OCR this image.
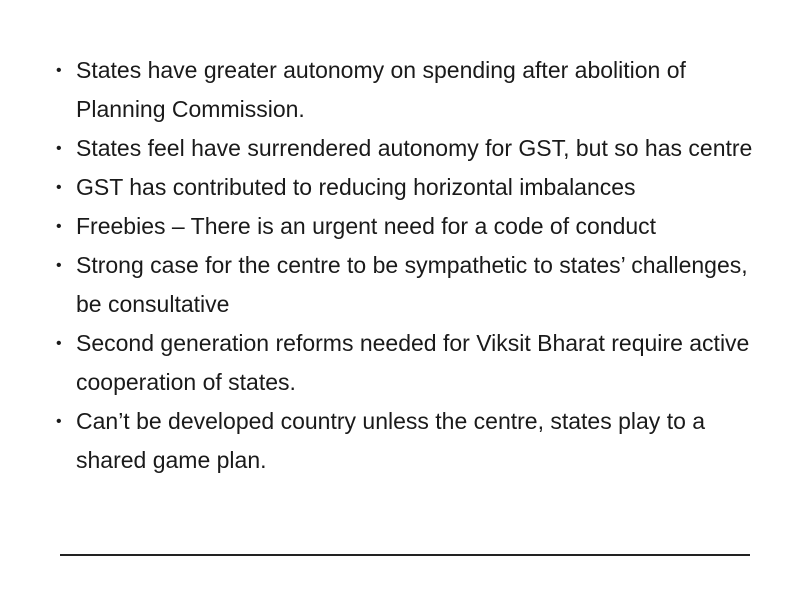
• States have greater autonomy on spending after abolition of Planning Commission.
• States feel have surrendered autonomy for GST, but so has centre
• GST has contributed to reducing horizontal imbalances
• Freebies – There is an urgent need for a code of conduct
• Strong case for the centre to be sympathetic to states’ challenges, be consultative
• Second generation reforms needed for Viksit Bharat require active cooperation of states.
• Can’t be developed country unless the centre, states play to a shared game plan.
